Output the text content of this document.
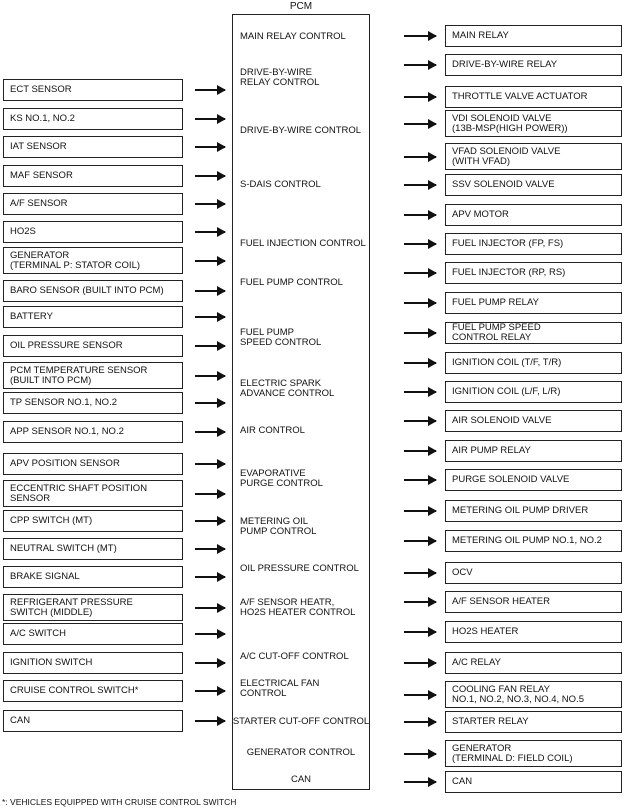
PCM
ECT SENSOR
KS NO.1, NO.2
IAT SENSOR
MAF SENSOR
A/F SENSOR
HO2S
GENERATOR
(TERMINAL P: STATOR COIL)
BARO SENSOR (BUILT INTO PCM)
BATTERY
OIL PRESSURE SENSOR
PCM TEMPERATURE SENSOR
(BUILT INTO PCM)
TP SENSOR NO.1, NO.2
APP SENSOR NO.1, NO.2
APV POSITION SENSOR
ECCENTRIC SHAFT POSITION
SENSOR
CPP SWITCH (MT)
NEUTRAL SWITCH (MT)
BRAKE SIGNAL
REFRIGERANT PRESSURE
SWITCH (MIDDLE)
A/C SWITCH
IGNITION SWITCH
CRUISE CONTROL SWITCH*
CAN
MAIN RELAY CONTROL
DRIVE-BY-WIRE
RELAY CONTROL
DRIVE-BY-WIRE CONTROL
S-DAIS CONTROL
FUEL INJECTION CONTROL
FUEL PUMP CONTROL
FUEL PUMP
SPEED CONTROL
ELECTRIC SPARK
ADVANCE CONTROL
AIR CONTROL
EVAPORATIVE
PURGE CONTROL
METERING OIL
PUMP CONTROL
OIL PRESSURE CONTROL
A/F SENSOR HEATR,
HO2S HEATER CONTROL
A/C CUT-OFF CONTROL
ELECTRICAL FAN
CONTROL
STARTER CUT-OFF CONTROL
GENERATOR CONTROL
CAN
MAIN RELAY
DRIVE-BY-WIRE RELAY
THROTTLE VALVE ACTUATOR
VDI SOLENOID VALVE
(13B-MSP(HIGH POWER))
VFAD SOLENOID VALVE
(WITH VFAD)
SSV SOLENOID VALVE
APV MOTOR
FUEL INJECTOR (FP, FS)
FUEL INJECTOR (RP, RS)
FUEL PUMP RELAY
FUEL PUMP SPEED
CONTROL RELAY
IGNITION COIL (T/F, T/R)
IGNITION COIL (L/F, L/R)
AIR SOLENOID VALVE
AIR PUMP RELAY
PURGE SOLENOID VALVE
METERING OIL PUMP DRIVER
METERING OIL PUMP NO.1, NO.2
OCV
A/F SENSOR HEATER
HO2S HEATER
A/C RELAY
COOLING FAN RELAY
NO.1, NO.2, NO.3, NO.4, NO.5
STARTER RELAY
GENERATOR
(TERMINAL D: FIELD COIL)
CAN
*: VEHICLES EQUIPPED WITH CRUISE CONTROL SWITCH
